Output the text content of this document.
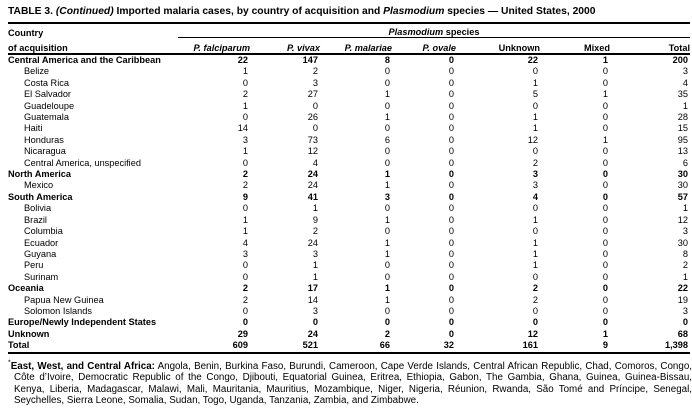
TABLE 3. (Continued) Imported malaria cases, by country of acquisition and Plasmodium species — United States, 2000
Country	Plasmodium species						
of acquisition	P. falciparum	P. vivax	P. malariae	P. ovale	Unknown	Mixed	Total
Central America and the Caribbean	22	147	8	0	22	1	200
Belize	1	2	0	0	0	0	3
Costa Rica	0	3	0	0	1	0	4
El Salvador	2	27	1	0	5	1	35
Guadeloupe	1	0	0	0	0	0	1
Guatemala	0	26	1	0	1	0	28
Haiti	14	0	0	0	1	0	15
Honduras	3	73	6	0	12	1	95
Nicaragua	1	12	0	0	0	0	13
Central America, unspecified	0	4	0	0	2	0	6
North America	2	24	1	0	3	0	30
Mexico	2	24	1	0	3	0	30
South America	9	41	3	0	4	0	57
Bolivia	0	1	0	0	0	0	1
Brazil	1	9	1	0	1	0	12
Columbia	1	2	0	0	0	0	3
Ecuador	4	24	1	0	1	0	30
Guyana	3	3	1	0	1	0	8
Peru	0	1	0	0	1	0	2
Surinam	0	1	0	0	0	0	1
Oceania	2	17	1	0	2	0	22
Papua New Guinea	2	14	1	0	2	0	19
Solomon Islands	0	3	0	0	0	0	3
Europe/Newly Independent States	0	0	0	0	0	0	0
Unknown	29	24	2	0	12	1	68
Total	609	521	66	32	161	9	1,398

*East, West, and Central Africa: Angola, Benin, Burkina Faso, Burundi, Cameroon, Cape Verde Islands, Central African Republic, Chad, Comoros, Congo, Côte d’Ivoire, Democratic Republic of the Congo, Djibouti, Equatorial Guinea, Eritrea, Ethiopia, Gabon, The Gambia, Ghana, Guinea, Guinea-Bissau, Kenya, Liberia, Madagascar, Malawi, Mali, Mauritania, Mauritius, Mozambique, Niger, Nigeria, Réunion, Rwanda, São Tomé and Príncipe, Senegal, Seychelles, Sierra Leone, Somalia, Sudan, Togo, Uganda, Tanzania, Zambia, and Zimbabwe.
